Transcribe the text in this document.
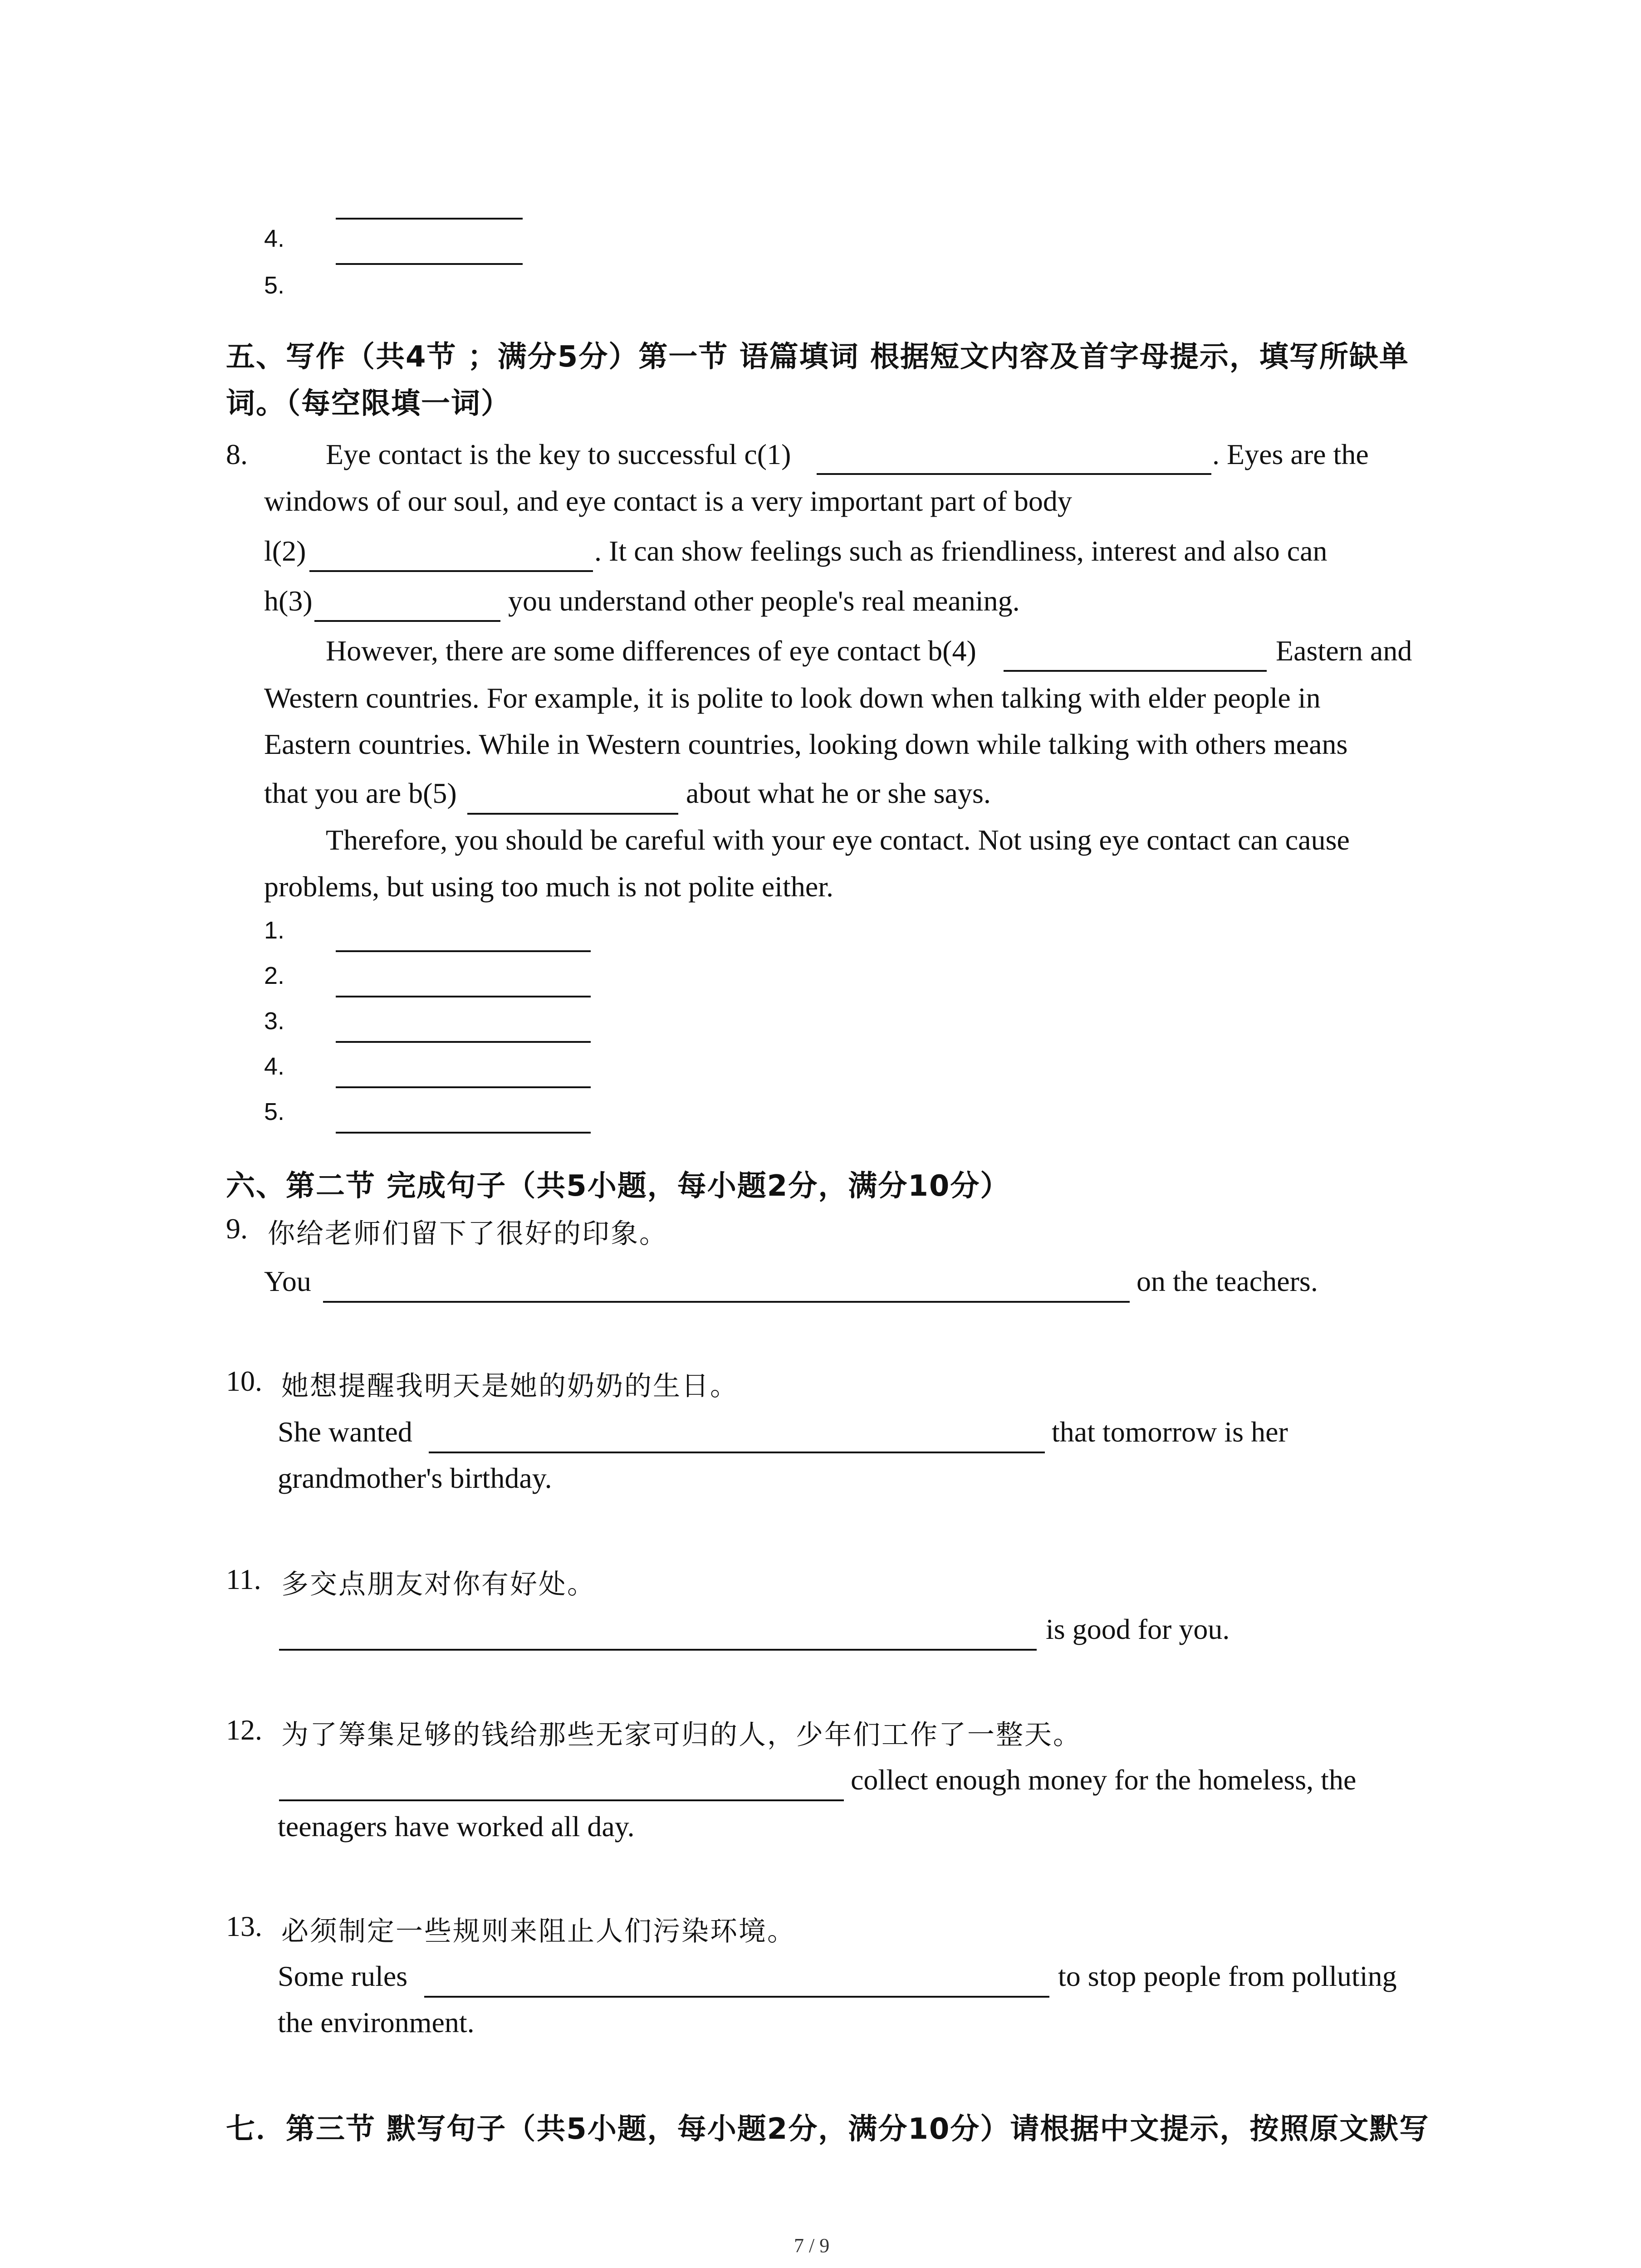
4.
5.
五、写作（共4节 ；满分5分）第一节 语篇填词 根据短文内容及首字母提示，填写所缺单
词。（每空限填一词）
8.	Eye contact is the key to successful c(1)	. Eyes are the
windows of our soul, and eye contact is a very important part of body
l(2)	. It can show feelings such as friendliness, interest and also can
h(3)	you understand other people's real meaning.
However, there are some differences of eye contact b(4)	Eastern and
Western countries. For example, it is polite to look down when talking with elder people in
Eastern countries. While in Western countries, looking down while talking with others means
that you are b(5)	about what he or she says.
Therefore, you should be careful with your eye contact. Not using eye contact can cause
problems, but using too much is not polite either.
1.
2.
3.
4.
5.
六、第二节 完成句子（共5小题，每小题2分，满分10分）
9. 你给老师们留下了很好的印象。
You	on the teachers.
10. 她想提醒我明天是她的奶奶的生日。
She wanted	that tomorrow is her
grandmother's birthday.
11. 多交点朋友对你有好处。
is good for you.
12. 为了筹集足够的钱给那些无家可归的人，少年们工作了一整天。
collect enough money for the homeless, the
teenagers have worked all day.
13. 必须制定一些规则来阻止人们污染环境。
Some rules	to stop people from polluting
the environment.
七．第三节 默写句子（共5小题，每小题2分，满分10分）请根据中文提示，按照原文默写
7 / 9
